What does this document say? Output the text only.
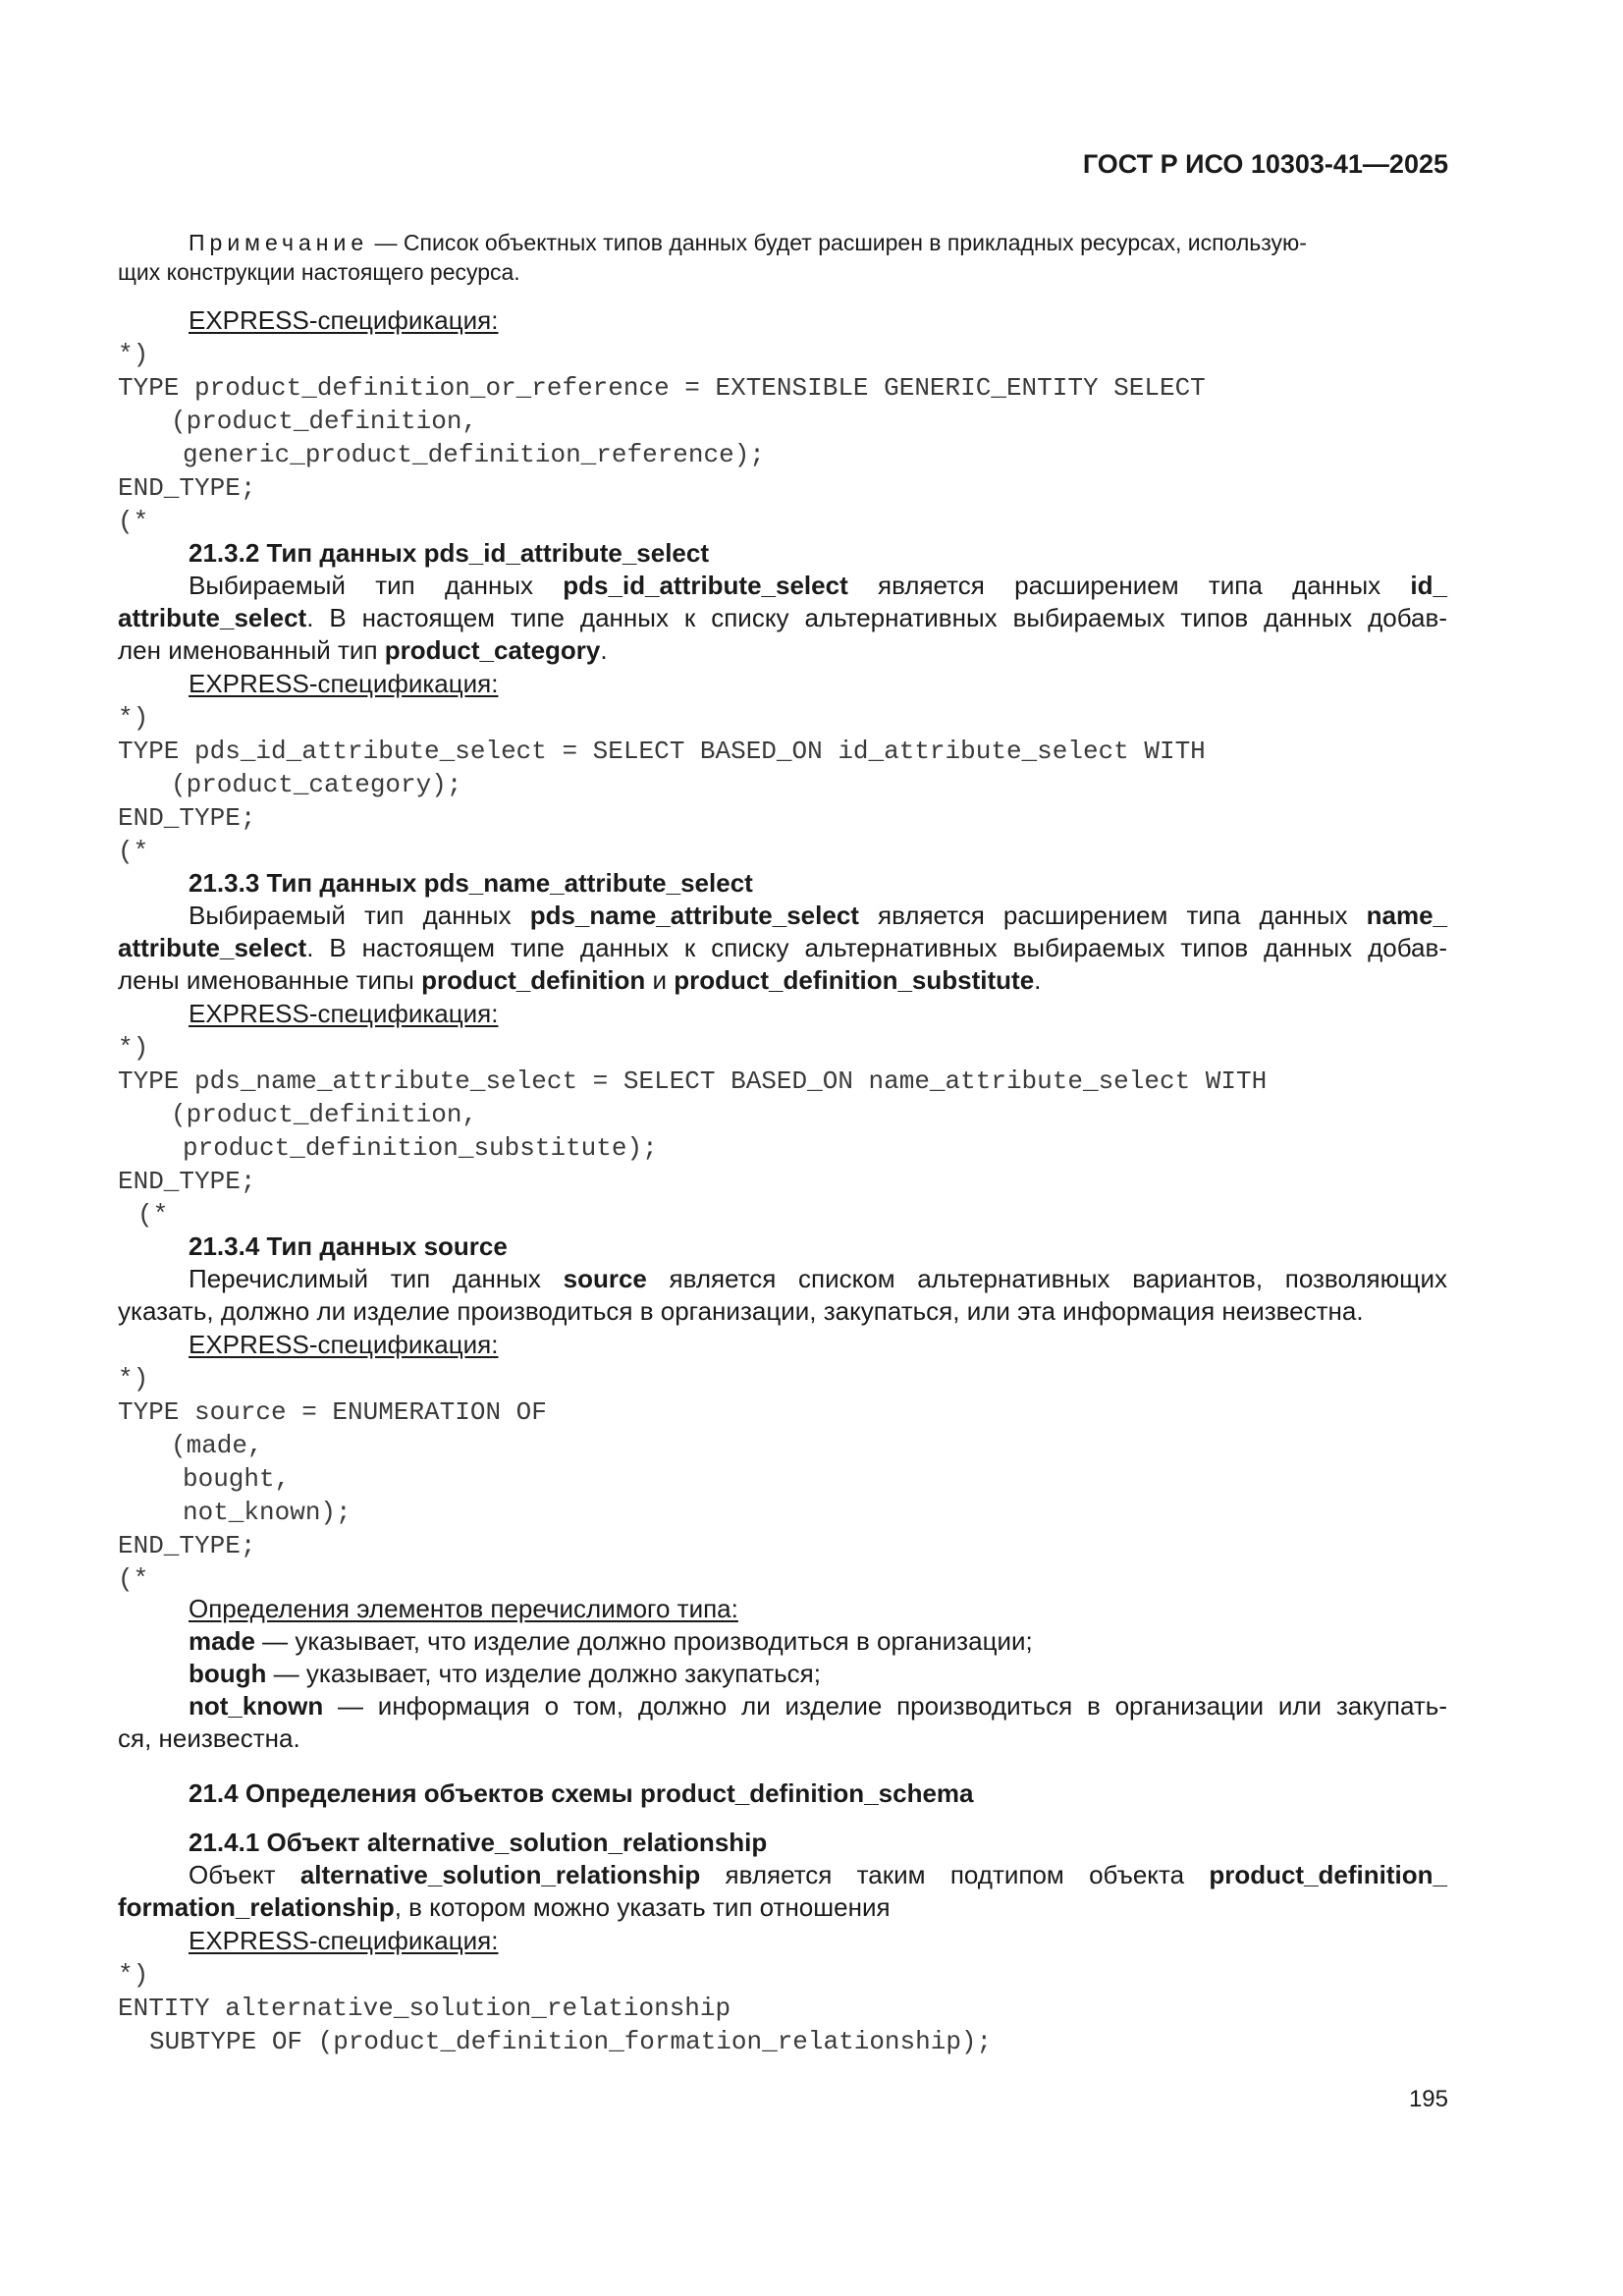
ГОСТ Р ИСО 10303-41—2025
Примечание — Список объектных типов данных будет расширен в прикладных ресурсах, использую-
щих конструкции настоящего ресурса.
EXPRESS-спецификация:
*)
TYPE product_definition_or_reference = EXTENSIBLE GENERIC_ENTITY SELECT
(product_definition,
generic_product_definition_reference);
END_TYPE;
(*
21.3.2 Тип данных pds_id_attribute_select
Выбираемый тип данных pds_id_attribute_select является расширением типа данных id_
attribute_select. В настоящем типе данных к списку альтернативных выбираемых типов данных добав-
лен именованный тип product_category.
EXPRESS-спецификация:
*)
TYPE pds_id_attribute_select = SELECT BASED_ON id_attribute_select WITH
(product_category);
END_TYPE;
(*
21.3.3 Тип данных pds_name_attribute_select
Выбираемый тип данных pds_name_attribute_select является расширением типа данных name_
attribute_select. В настоящем типе данных к списку альтернативных выбираемых типов данных добав-
лены именованные типы product_definition и product_definition_substitute.
EXPRESS-спецификация:
*)
TYPE pds_name_attribute_select = SELECT BASED_ON name_attribute_select WITH
(product_definition,
product_definition_substitute);
END_TYPE;
(*
21.3.4 Тип данных source
Перечислимый тип данных source является списком альтернативных вариантов, позволяющих
указать, должно ли изделие производиться в организации, закупаться, или эта информация неизвестна.
EXPRESS-спецификация:
*)
TYPE source = ENUMERATION OF
(made,
bought,
not_known);
END_TYPE;
(*
Определения элементов перечислимого типа:
made — указывает, что изделие должно производиться в организации;
bough — указывает, что изделие должно закупаться;
not_known — информация о том, должно ли изделие производиться в организации или закупать-
ся, неизвестна.
21.4 Определения объектов схемы product_definition_schema
21.4.1 Объект alternative_solution_relationship
Объект alternative_solution_relationship является таким подтипом объекта product_definition_
formation_relationship, в котором можно указать тип отношения
EXPRESS-спецификация:
*)
ENTITY alternative_solution_relationship
SUBTYPE OF (product_definition_formation_relationship);
195
